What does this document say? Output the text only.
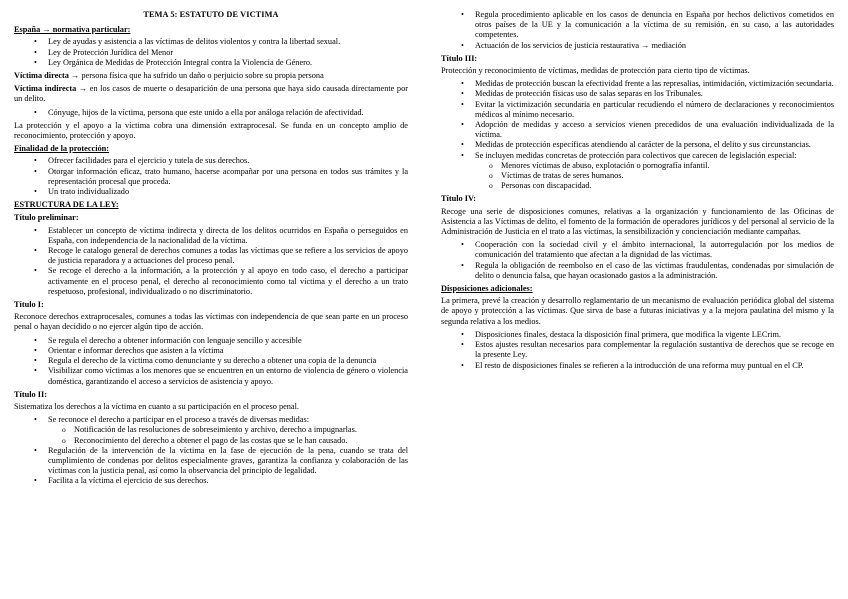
TEMA 5: ESTATUTO DE VICTIMA
España → normativa particular:
• Ley de ayudas y asistencia a las víctimas de delitos violentos y contra la libertad sexual.
• Ley de Protección Jurídica del Menor
• Ley Orgánica de Medidas de Protección Integral contra la Violencia de Género.

Víctima directa → persona física que ha sufrido un daño o perjuicio sobre su propia persona

Víctima indirecta → en los casos de muerte o desaparición de una persona que haya sido causada directamente por un delito.

• Cónyuge, hijos de la víctima, persona que este unido a ella por análoga relación de afectividad.

La protección y el apoyo a la víctima cobra una dimensión extraprocesal. Se funda en un concepto amplio de reconocimiento, protección y apoyo.

Finalidad de la protección:
• Ofrecer facilidades para el ejercicio y tutela de sus derechos.
• Otorgar información eficaz, trato humano, hacerse acompañar por una persona en todos sus trámites y la representación procesal que proceda.
• Un trato individualizado
ESTRUCTURA DE LA LEY:
Título preliminar:
• Establecer un concepto de víctima indirecta y directa de los delitos ocurridos en España o perseguidos en España, con independencia de la nacionalidad de la víctima.
• Recoge le catalogo general de derechos comunes a todas las víctimas que se refiere a los servicios de apoyo de justicia reparadora y a actuaciones del proceso penal.
• Se recoge el derecho a la información, a la protección y al apoyo en todo caso, el derecho a participar activamente en el proceso penal, el derecho al reconocimiento como tal víctima y el derecho a un trato respetuoso, profesional, individualizado o no discriminatorio.
Título I:

Reconoce derechos extraprocesales, comunes a todas las víctimas con independencia de que sean parte en un proceso penal o hayan decidido o no ejercer algún tipo de acción.

• Se regula el derecho a obtener información con lenguaje sencillo y accesible
• Orientar e informar derechos que asisten a la víctima
• Regula el derecho de la víctima como denunciante y su derecho a obtener una copia de la denuncia
• Visibilizar como víctimas a los menores que se encuentren en un entorno de violencia de género o violencia doméstica, garantizando el acceso a servicios de asistencia y apoyo.
Título II:

Sistematiza los derechos a la víctima en cuanto a su participación en el proceso penal.

• Se reconoce el derecho a participar en el proceso a través de diversas medidas:
o Notificación de las resoluciones de sobreseimiento y archivo, derecho a impugnarlas.
o Reconocimiento del derecho a obtener el pago de las costas que se le han causado.
• Regulación de la intervención de la víctima en la fase de ejecución de la pena, cuando se trata del cumplimiento de condenas por delitos especialmente graves, garantiza la confianza y colaboración de las víctimas con la justicia penal, así como la observancia del principio de legalidad.
• Facilita a la víctima el ejercicio de sus derechos.
• Regula procedimiento aplicable en los casos de denuncia en España por hechos delictivos cometidos en otros países de la UE y la comunicación a la víctima de su remisión, en su caso, a las autoridades competentes.
• Actuación de los servicios de justicia restaurativa → mediación
Título III:

Protección y reconocimiento de víctimas, medidas de protección para cierto tipo de víctimas.

• Medidas de protección buscan la efectividad frente a las represalias, intimidación, victimización secundaria.
• Medidas de protección físicas uso de salas separas en los Tribunales.
• Evitar la victimización secundaria en particular recudiendo el número de declaraciones y reconocimientos médicos al mínimo necesario.
• Adopción de medidas y acceso a servicios vienen precedidos de una evaluación individualizada de la víctima.
• Medidas de protección específicas atendiendo al carácter de la persona, el delito y sus circunstancias.
• Se incluyen medidas concretas de protección para colectivos que carecen de legislación especial:
o Menores víctimas de abuso, explotación o pornografía infantil.
o Víctimas de tratas de seres humanos.
o Personas con discapacidad.
Título IV:

Recoge una serie de disposiciones comunes, relativas a la organización y funcionamiento de las Oficinas de Asistencia a las Víctimas de delito, el fomento de la formación de operadores jurídicos y del personal al servicio de la Administración de Justicia en el trato a las víctimas, la sensibilización y concienciación mediante campañas.

• Cooperación con la sociedad civil y el ámbito internacional, la autorregulación por los medios de comunicación del tratamiento que afectan a la dignidad de las víctimas.
• Regula la obligación de reembolso en el caso de las víctimas fraudulentas, condenadas por simulación de delito o denuncia falsa, que hayan ocasionado gastos a la administración.
Disposiciones adicionales:

La primera, prevé la creación y desarrollo reglamentario de un mecanismo de evaluación periódica global del sistema de apoyo y protección a las víctimas. Que sirva de base a futuras iniciativas y a la mejora paulatina del mismo y la segunda relativa a los medios.

• Disposiciones finales, destaca la disposición final primera, que modifica la vigente LECrim.
• Estos ajustes resultan necesarios para complementar la regulación sustantiva de derechos que se recoge en la presente Ley.
• El resto de disposiciones finales se refieren a la introducción de una reforma muy puntual en el CP.
